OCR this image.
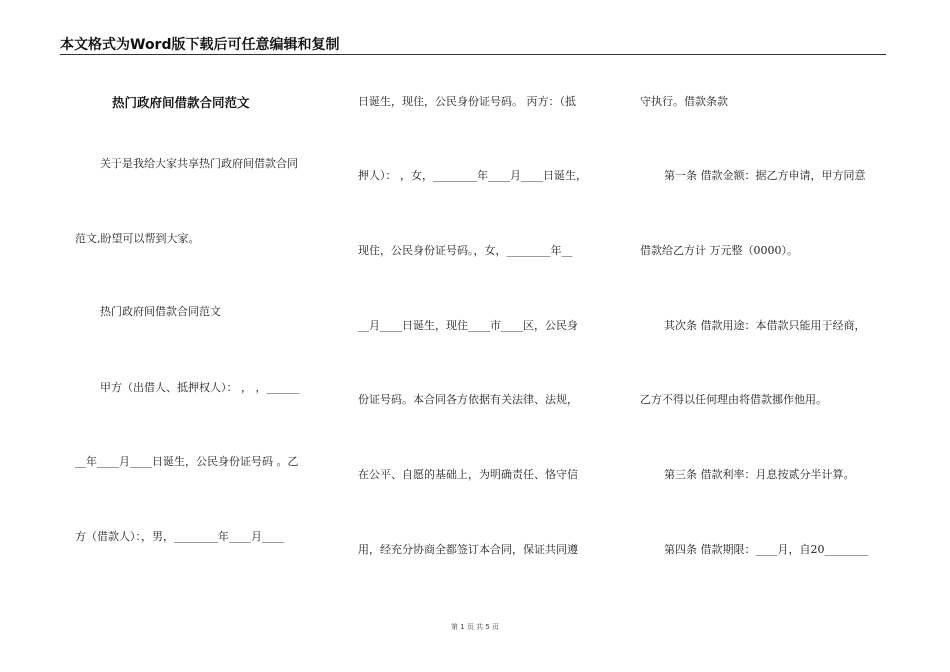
本文格式为Word版下载后可任意编辑和复制
热门政府间借款合同范文
关于是我给大家共享热门政府间借款合同
范文,盼望可以帮到大家。
热门政府间借款合同范文
甲方（出借人、抵押权人）： ， ，______
__年____月____日诞生，公民身份证号码 。乙
方（借款人）：，男，________年____月____
日诞生，现住，公民身份证号码。 丙方：（抵
押人）： ，女，________年____月____日诞生，
现住，公民身份证号码。，女，________年__
__月____日诞生，现住____市____区，公民身
份证号码。本合同各方依据有关法律、法规，
在公平、自愿的基础上，为明确责任、恪守信
用，经充分协商全都签订本合同，保证共同遵
守执行。借款条款
第一条 借款金额：据乙方申请，甲方同意
借款给乙方计 万元整（0000）。
其次条 借款用途：本借款只能用于经商，
乙方不得以任何理由将借款挪作他用。
第三条 借款利率：月息按贰分半计算。
第四条 借款期限：____月，自20________
第 1 页 共 5 页
